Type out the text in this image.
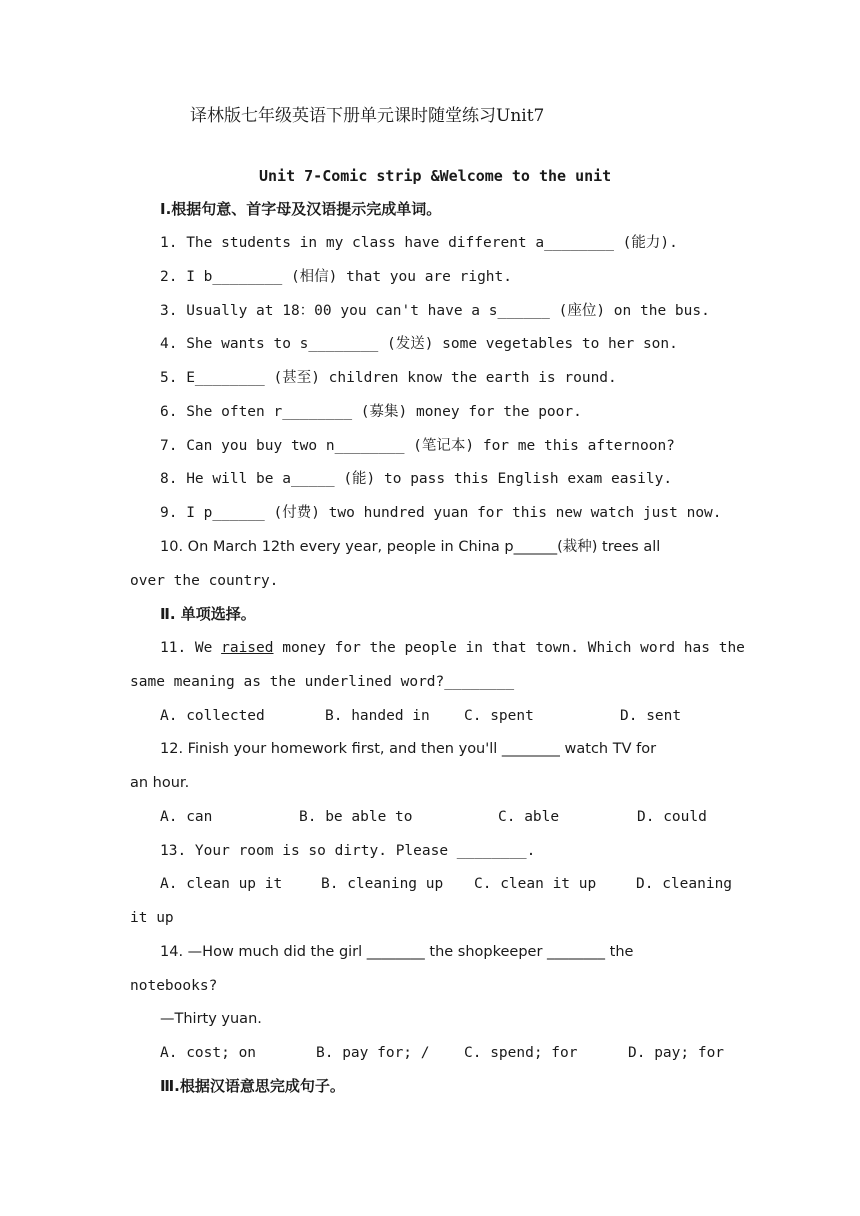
译林版七年级英语下册单元课时随堂练习Unit7
Unit 7-Comic strip &Welcome to the unit
Ⅰ.根据句意、首字母及汉语提示完成单词。
1. The students in my class have different a________ (能力).
2. I b________ (相信) that you are right.
3. Usually at 18：00 you can't have a s______ (座位) on the bus.
4. She wants to s________ (发送) some vegetables to her son.
5. E________ (甚至) children know the earth is round.
6. She often r________ (募集) money for the poor.
7. Can you buy two n________ (笔记本) for me this afternoon?
8. He will be a_____ (能) to pass this English exam easily.
9. I p______ (付费) two hundred yuan for this new watch just now.
10. On March 12th every year, people in China p______(栽种) trees all
over the country.
Ⅱ. 单项选择。
11. We raised money for the people in that town. Which word has the
same meaning as the underlined word?________
A. collected	B. handed in C. spent	D. sent
12. Finish your homework first, and then you'll ________ watch TV for
an hour.
A. can	B. be able to	C. able	D. could
13. Your room is so dirty. Please ________.
A. clean up it	B. cleaning up C. clean it up	D. cleaning
it up
14. —How much did the girl ________ the shopkeeper ________ the
notebooks?
—Thirty yuan.
A. cost; on	B. pay for; / C. spend; for	D. pay; for
Ⅲ.根据汉语意思完成句子。
